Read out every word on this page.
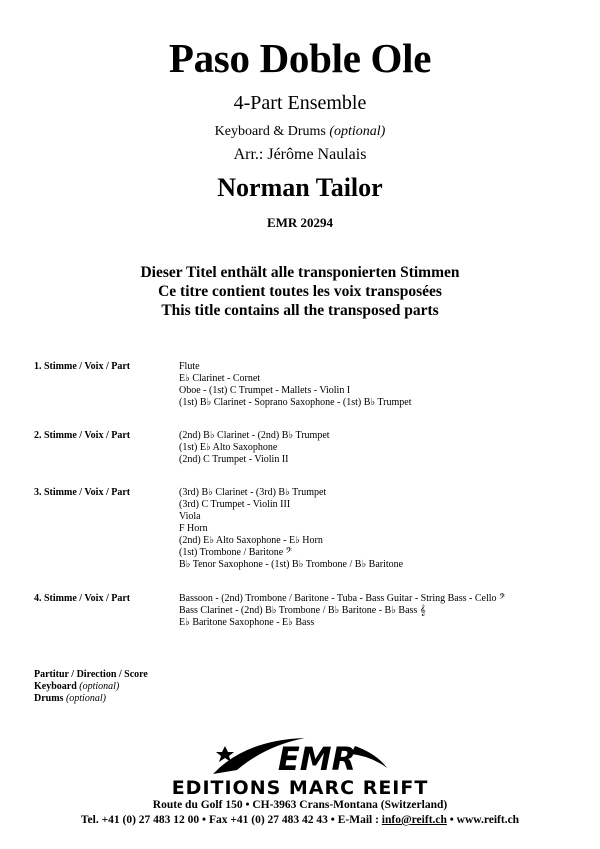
Paso Doble Ole
4-Part Ensemble
Keyboard & Drums (optional)
Arr.: Jérôme Naulais
Norman Tailor
EMR 20294
Dieser Titel enthält alle transponierten Stimmen
Ce titre contient toutes les voix transposées
This title contains all the transposed parts
1. Stimme / Voix / Part	Flute
E♭ Clarinet - Cornet
Oboe - (1st) C Trumpet - Mallets - Violin I
(1st) B♭ Clarinet - Soprano Saxophone - (1st) B♭ Trumpet
2. Stimme / Voix / Part	(2nd) B♭ Clarinet - (2nd) B♭ Trumpet
(1st) E♭ Alto Saxophone
(2nd) C Trumpet - Violin II
3. Stimme / Voix / Part	(3rd) B♭ Clarinet - (3rd) B♭ Trumpet
(3rd) C Trumpet - Violin III
Viola
F Horn
(2nd) E♭ Alto Saxophone - E♭ Horn
(1st) Trombone / Baritone 𝄢
B♭ Tenor Saxophone - (1st) B♭ Trombone / B♭ Baritone
4. Stimme / Voix / Part	Bassoon - (2nd) Trombone / Baritone - Tuba - Bass Guitar - String Bass - Cello 𝄢
Bass Clarinet - (2nd) B♭ Trombone / B♭ Baritone - B♭ Bass 𝄞
E♭ Baritone Saxophone - E♭ Bass
Partitur / Direction / Score
Keyboard (optional)
Drums (optional)
EMR
EDITIONS MARC REIFT
Route du Golf 150 • CH-3963 Crans-Montana (Switzerland)
Tel. +41 (0) 27 483 12 00 • Fax +41 (0) 27 483 42 43 • E-Mail : info@reift.ch • www.reift.ch
